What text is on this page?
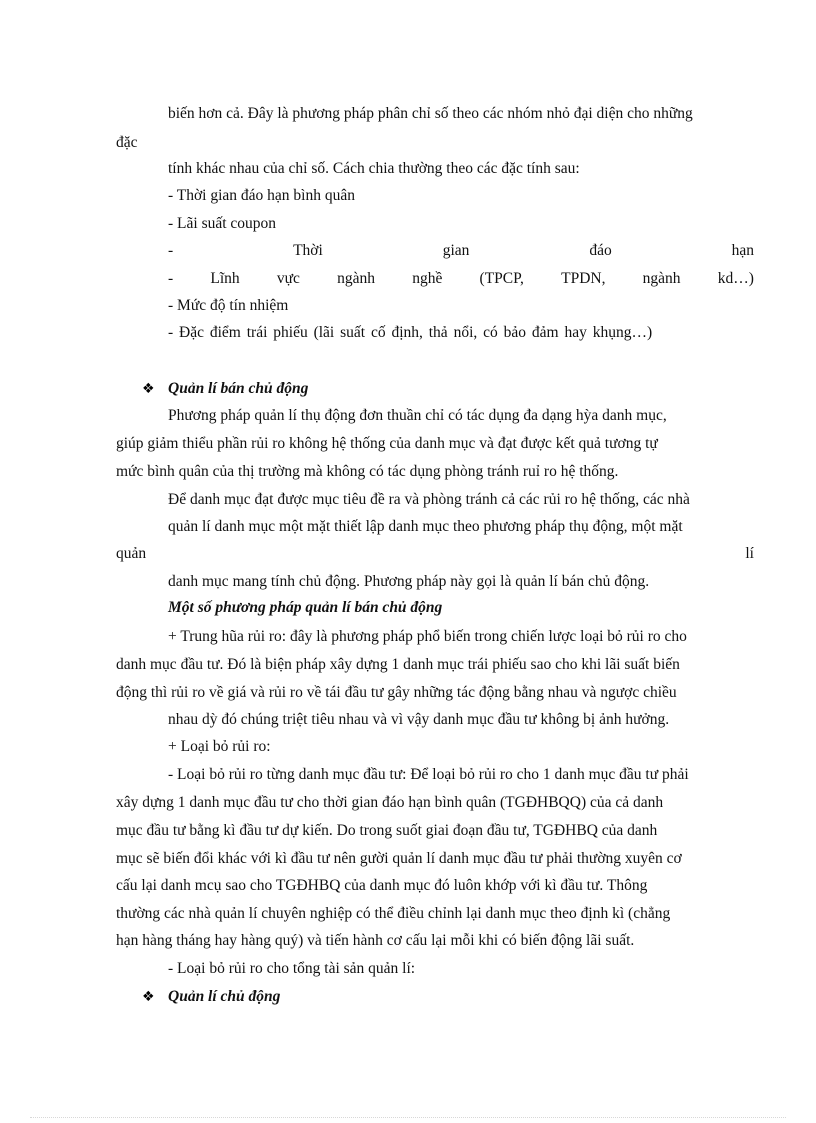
biến hơn cả. Đây là phương pháp phân chỉ số theo các nhóm nhỏ đại diện cho những
đặc
tính khác nhau của chỉ số. Cách chia thường theo các đặc tính sau:
- Thời gian đáo hạn bình quân
- Lãi suất coupon
-	Thời	gian	đáo	hạn
- Lĩnh vực ngành nghề (TPCP, TPDN, ngành kd…)
- Mức độ tín nhiệm
- Đặc điểm trái phiếu (lãi suất cố định, thả nổi, có bảo đảm hay khụng…)
❖ Quản lí bán chủ động
Phương pháp quản lí thụ động đơn thuần chỉ có tác dụng đa dạng hỳa danh mục,
giúp giảm thiểu phần rủi ro không hệ thống của danh mục và đạt được kết quả tương tự
mức bình quân của thị trường mà không có tác dụng phòng tránh ruỉ ro hệ thống.
Để danh mục đạt được mục tiêu đề ra và phòng tránh cả các rủi ro hệ thống, các nhà
quản lí danh mục một mặt thiết lập danh mục theo phương pháp thụ động, một mặt
quản	lí
danh mục mang tính chủ động. Phương pháp này gọi là quản lí bán chủ động.
Một số phương pháp quản lí bán chủ động
+ Trung hũa rủi ro: đây là phương pháp phổ biến trong chiến lược loại bỏ rủi ro cho
danh mục đầu tư. Đó là biện pháp xây dựng 1 danh mục trái phiếu sao cho khi lãi suất biến
động thì rủi ro về giá và rủi ro về tái đầu tư gây những tác động bằng nhau và ngược chiều
nhau dỳ đó chúng triệt tiêu nhau và vì vậy danh mục đầu tư không bị ảnh hưởng.
+ Loại bỏ rủi ro:
- Loại bỏ rủi ro từng danh mục đầu tư: Để loại bỏ rủi ro cho 1 danh mục đầu tư phải
xây dựng 1 danh mục đầu tư cho thời gian đáo hạn bình quân (TGĐHBQQ) của cả danh
mục đầu tư bằng kì đầu tư dự kiến. Do trong suốt giai đoạn đầu tư, TGĐHBQ của danh
mục sẽ biến đổi khác với kì đầu tư nên gười quản lí danh mục đầu tư phải thường xuyên cơ
cấu lại danh mcụ sao cho TGĐHBQ của danh mục đó luôn khớp với kì đầu tư. Thông
thường các nhà quản lí chuyên nghiệp có thể điều chỉnh lại danh mục theo định kì (chẳng
hạn hàng tháng hay hàng quý) và tiến hành cơ cấu lại mỗi khi có biến động lãi suất.
- Loại bỏ rủi ro cho tổng tài sản quản lí:
❖ Quản lí chủ động
